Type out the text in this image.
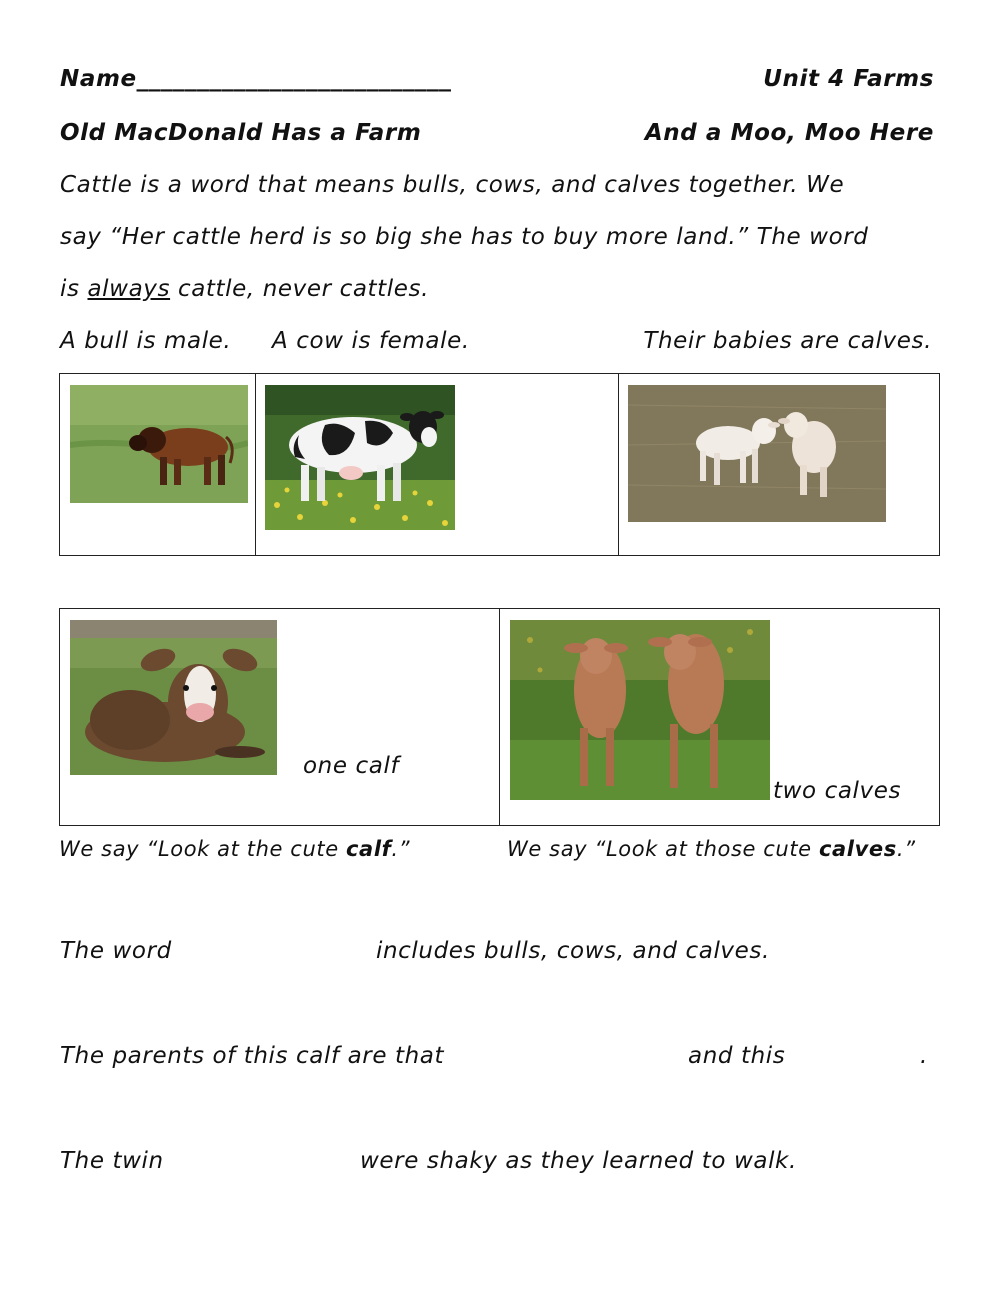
Name__________________________	Unit 4 Farms
Old MacDonald Has a Farm	And a Moo, Moo Here
Cattle is a word that means bulls, cows, and calves together. We
say “Her cattle herd is so big she has to buy more land.” The word
is always cattle, never cattles.
A bull is male. A cow is female.	Their babies are calves.
one calf
two calves
We say “Look at the cute calf.”	We say “Look at those cute calves.”
The word	includes bulls, cows, and calves.
The parents of this calf are that	and this	.
The twin	were shaky as they learned to walk.
